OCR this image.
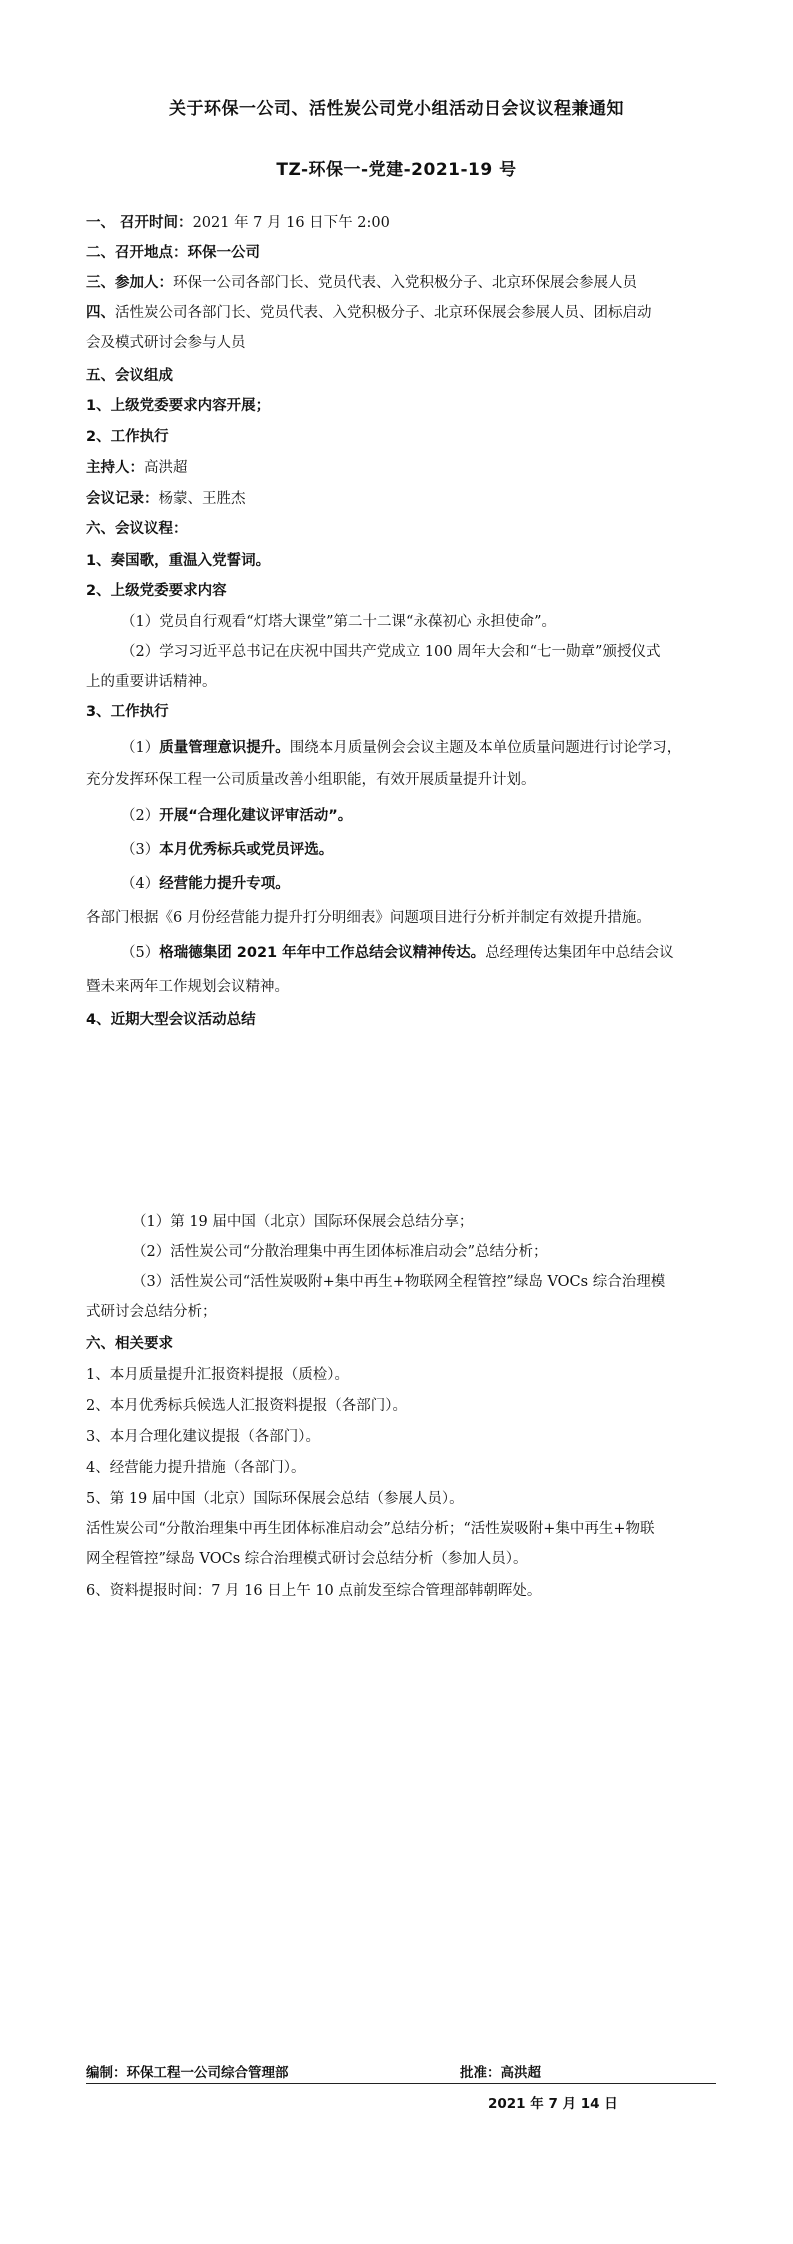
关于环保一公司、活性炭公司党小组活动日会议议程兼通知
TZ-环保一-党建-2021-19 号
一、 召开时间：2021 年 7 月 16 日下午 2:00
二、召开地点：环保一公司
三、参加人：环保一公司各部门长、党员代表、入党积极分子、北京环保展会参展人员
四、活性炭公司各部门长、党员代表、入党积极分子、北京环保展会参展人员、团标启动
会及模式研讨会参与人员
五、会议组成
1、上级党委要求内容开展；
2、工作执行
主持人：高洪超
会议记录：杨蒙、王胜杰
六、会议议程：
1、奏国歌，重温入党誓词。
2、上级党委要求内容
（1）党员自行观看“灯塔大课堂”第二十二课“永葆初心 永担使命”。
（2）学习习近平总书记在庆祝中国共产党成立 100 周年大会和“七一勋章”颁授仪式
上的重要讲话精神。
3、工作执行
（1）质量管理意识提升。围绕本月质量例会会议主题及本单位质量问题进行讨论学习，
充分发挥环保工程一公司质量改善小组职能，有效开展质量提升计划。
（2）开展“合理化建议评审活动”。
（3）本月优秀标兵或党员评选。
（4）经营能力提升专项。
各部门根据《6 月份经营能力提升打分明细表》问题项目进行分析并制定有效提升措施。
（5）格瑞德集团 2021 年年中工作总结会议精神传达。总经理传达集团年中总结会议
暨未来两年工作规划会议精神。
4、近期大型会议活动总结
（1）第 19 届中国（北京）国际环保展会总结分享；
（2）活性炭公司“分散治理集中再生团体标准启动会”总结分析；
（3）活性炭公司“活性炭吸附+集中再生+物联网全程管控”绿岛 VOCs 综合治理模
式研讨会总结分析；
六、相关要求
1、本月质量提升汇报资料提报（质检）。
2、本月优秀标兵候选人汇报资料提报（各部门）。
3、本月合理化建议提报（各部门）。
4、经营能力提升措施（各部门）。
5、第 19 届中国（北京）国际环保展会总结（参展人员）。
活性炭公司“分散治理集中再生团体标准启动会”总结分析；“活性炭吸附+集中再生+物联
网全程管控”绿岛 VOCs 综合治理模式研讨会总结分析（参加人员）。
6、资料提报时间：7 月 16 日上午 10 点前发至综合管理部韩朝晖处。
编制：环保工程一公司综合管理部	批准：高洪超
2021 年 7 月 14 日
